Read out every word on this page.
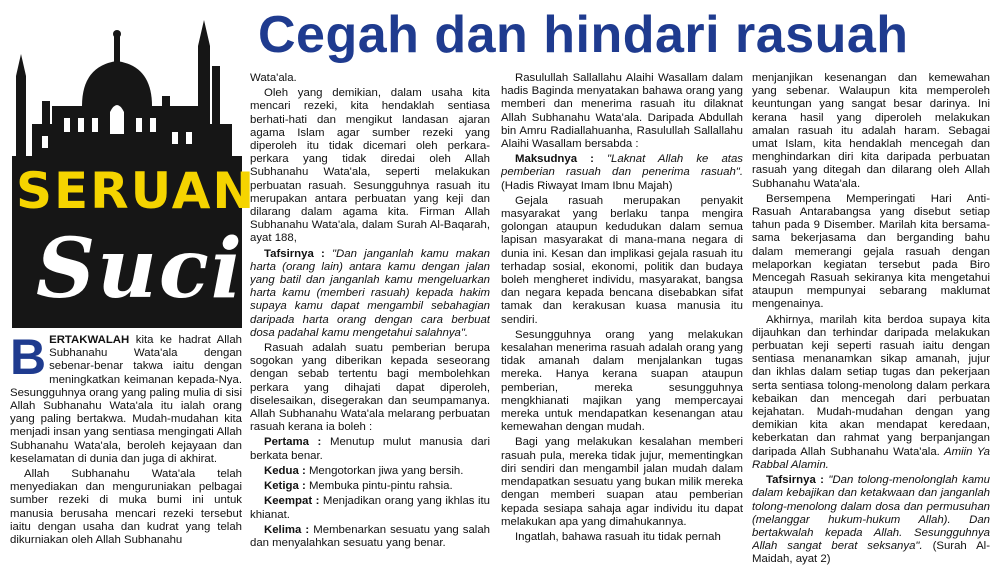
Cegah dan hindari rasuah
SERUAN
Suci

BERTAKWALAH kita ke hadrat Allah Subhanahu Wata'ala dengan sebenar-benar takwa iaitu dengan meningkatkan keimanan kepada-Nya. Sesungguhnya orang yang paling mulia di sisi Allah Subhanahu Wata'ala itu ialah orang yang paling bertakwa. Mudah-mudahan kita menjadi insan yang sentiasa mengingati Allah Subhanahu Wata'ala, beroleh kejayaan dan keselamatan di dunia dan juga di akhirat.

Allah Subhanahu Wata'ala telah menyediakan dan menguruniakan pelbagai sumber rezeki di muka bumi ini untuk manusia berusaha mencari rezeki tersebut iaitu dengan usaha dan kudrat yang telah dikurniakan oleh Allah Subhanahu

Wata'ala.

Oleh yang demikian, dalam usaha kita mencari rezeki, kita hendaklah sentiasa berhati-hati dan mengikut landasan ajaran agama Islam agar sumber rezeki yang diperoleh itu tidak dicemari oleh perkara-perkara yang tidak diredai oleh Allah Subhanahu Wata'ala, seperti melakukan perbuatan rasuah. Sesungguhnya rasuah itu merupakan antara perbuatan yang keji dan dilarang dalam agama kita. Firman Allah Subhanahu Wata'ala, dalam Surah Al-Baqarah, ayat 188,

Tafsirnya : "Dan janganlah kamu makan harta (orang lain) antara kamu dengan jalan yang batil dan janganlah kamu mengeluarkan harta kamu (memberi rasuah) kepada hakim supaya kamu dapat mengambil sebahagian daripada harta orang dengan cara berbuat dosa padahal kamu mengetahui salahnya".

Rasuah adalah suatu pemberian berupa sogokan yang diberikan kepada seseorang dengan sebab tertentu bagi membolehkan perkara yang dihajati dapat diperoleh, diselesaikan, disegerakan dan seumpamanya. Allah Subhanahu Wata'ala melarang perbuatan rasuah kerana ia boleh :

Pertama : Menutup mulut manusia dari berkata benar.

Kedua : Mengotorkan jiwa yang bersih.

Ketiga : Membuka pintu-pintu rahsia.

Keempat : Menjadikan orang yang ikhlas itu khianat.

Kelima : Membenarkan sesuatu yang salah dan menyalahkan sesuatu yang benar.

Rasulullah Sallallahu Alaihi Wasallam dalam hadis Baginda menyatakan bahawa orang yang memberi dan menerima rasuah itu dilaknat Allah Subhanahu Wata'ala. Daripada Abdullah bin Amru Radiallahuanha, Rasulullah Sallallahu Alaihi Wasallam bersabda :

Maksudnya : "Laknat Allah ke atas pemberian rasuah dan penerima rasuah". (Hadis Riwayat Imam Ibnu Majah)

Gejala rasuah merupakan penyakit masyarakat yang berlaku tanpa mengira golongan ataupun kedudukan dalam semua lapisan masyarakat di mana-mana negara di dunia ini. Kesan dan implikasi gejala rasuah itu terhadap sosial, ekonomi, politik dan budaya boleh mengheret individu, masyarakat, bangsa dan negara kepada bencana disebabkan sifat tamak dan kerakusan kuasa manusia itu sendiri.

Sesungguhnya orang yang melakukan kesalahan menerima rasuah adalah orang yang tidak amanah dalam menjalankan tugas mereka. Hanya kerana suapan ataupun pemberian, mereka sesungguhnya mengkhianati majikan yang mempercayai mereka untuk mendapatkan kesenangan atau kemewahan dengan mudah.

Bagi yang melakukan kesalahan memberi rasuah pula, mereka tidak jujur, mementingkan diri sendiri dan mengambil jalan mudah dalam mendapatkan sesuatu yang bukan milik mereka dengan memberi suapan atau pemberian kepada sesiapa sahaja agar individu itu dapat melakukan apa yang dimahukannya.

Ingatlah, bahawa rasuah itu tidak pernah

menjanjikan kesenangan dan kemewahan yang sebenar. Walaupun kita memperoleh keuntungan yang sangat besar darinya. Ini kerana hasil yang diperoleh melakukan amalan rasuah itu adalah haram. Sebagai umat Islam, kita hendaklah mencegah dan menghindarkan diri kita daripada perbuatan rasuah yang ditegah dan dilarang oleh Allah Subhanahu Wata'ala.

Bersempena Memperingati Hari Anti-Rasuah Antarabangsa yang disebut setiap tahun pada 9 Disember. Marilah kita bersama-sama bekerjasama dan berganding bahu dalam memerangi gejala rasuah dengan melaporkan kegiatan tersebut pada Biro Mencegah Rasuah sekiranya kita mengetahui ataupun mempunyai sebarang maklumat mengenainya.

Akhirnya, marilah kita berdoa supaya kita dijauhkan dan terhindar daripada melakukan perbuatan keji seperti rasuah iaitu dengan sentiasa menanamkan sikap amanah, jujur dan ikhlas dalam setiap tugas dan pekerjaan serta sentiasa tolong-menolong dalam perkara kebaikan dan mencegah dari perbuatan kejahatan. Mudah-mudahan dengan yang demikian kita akan mendapat keredaan, keberkatan dan rahmat yang berpanjangan daripada Allah Subhanahu Wata'ala. Amiin Ya Rabbal Alamin.

Tafsirnya : "Dan tolong-menolonglah kamu dalam kebajikan dan ketakwaan dan janganlah tolong-menolong dalam dosa dan permusuhan (melanggar hukum-hukum Allah). Dan bertakwalah kepada Allah. Sesungguhnya Allah sangat berat seksanya". (Surah Al-Maidah, ayat 2)
